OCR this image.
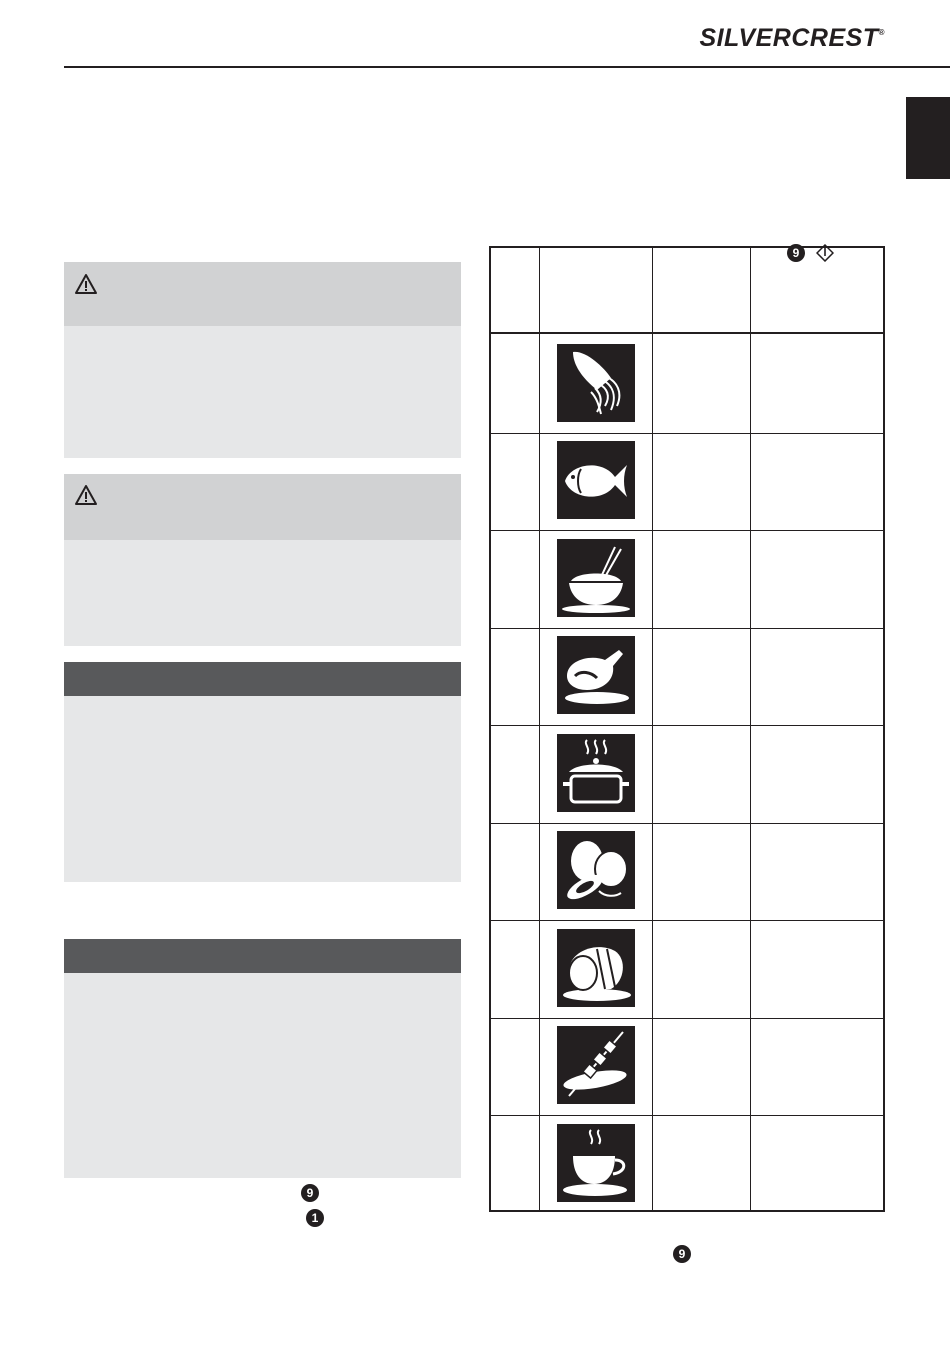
SILVERCREST®
9
1
9
9
